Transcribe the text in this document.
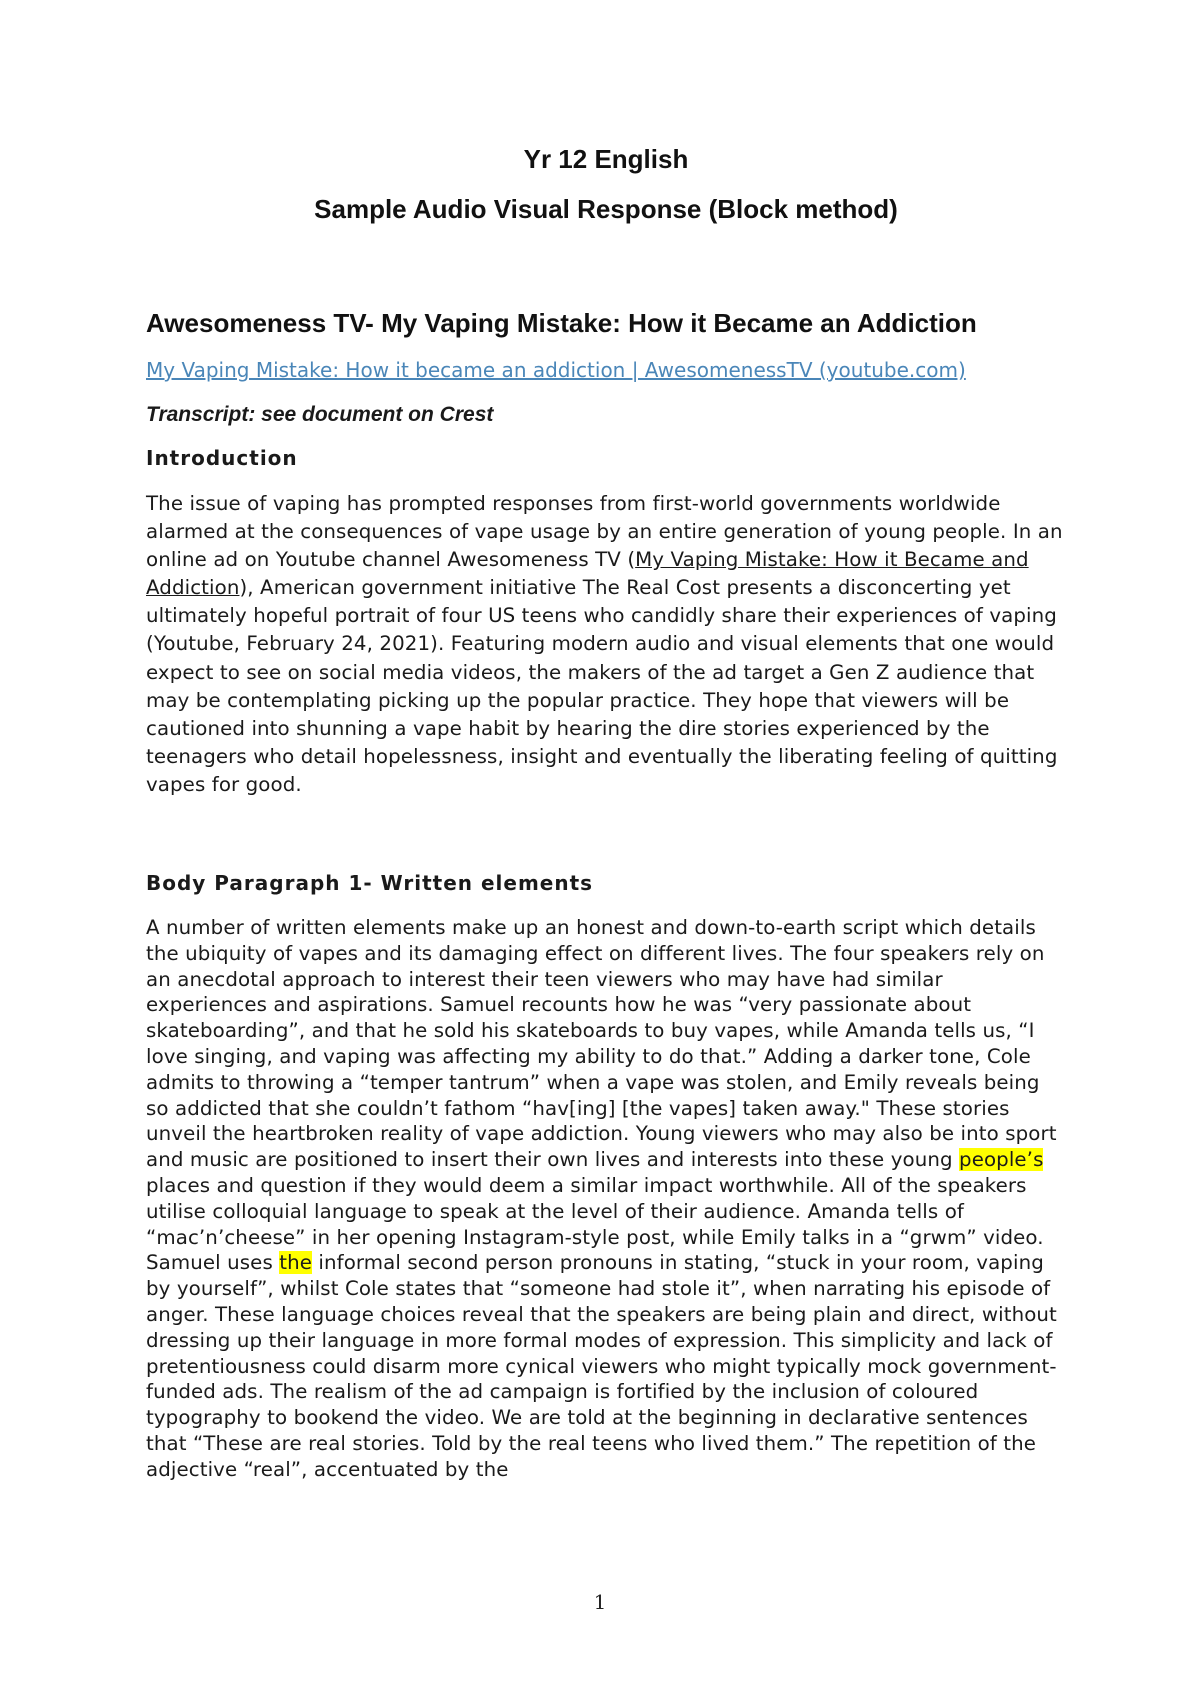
Yr 12 English
Sample Audio Visual Response (Block method)
Awesomeness TV- My Vaping Mistake: How it Became an Addiction
My Vaping Mistake: How it became an addiction | AwesomenessTV (youtube.com)

Transcript: see document on Crest

Introduction

The issue of vaping has prompted responses from first-world governments worldwide alarmed at the consequences of vape usage by an entire generation of young people. In an online ad on Youtube channel Awesomeness TV (My Vaping Mistake: How it Became and Addiction), American government initiative The Real Cost presents a disconcerting yet ultimately hopeful portrait of four US teens who candidly share their experiences of vaping (Youtube, February 24, 2021). Featuring modern audio and visual elements that one would expect to see on social media videos, the makers of the ad target a Gen Z audience that may be contemplating picking up the popular practice. They hope that viewers will be cautioned into shunning a vape habit by hearing the dire stories experienced by the teenagers who detail hopelessness, insight and eventually the liberating feeling of quitting vapes for good.

Body Paragraph 1- Written elements

A number of written elements make up an honest and down-to-earth script which details the ubiquity of vapes and its damaging effect on different lives. The four speakers rely on an anecdotal approach to interest their teen viewers who may have had similar experiences and aspirations. Samuel recounts how he was “very passionate about skateboarding”, and that he sold his skateboards to buy vapes, while Amanda tells us, “I love singing, and vaping was affecting my ability to do that.” Adding a darker tone, Cole admits to throwing a “temper tantrum” when a vape was stolen, and Emily reveals being so addicted that she couldn’t fathom “hav[ing] [the vapes] taken away." These stories unveil the heartbroken reality of vape addiction. Young viewers who may also be into sport and music are positioned to insert their own lives and interests into these young people’s places and question if they would deem a similar impact worthwhile. All of the speakers utilise colloquial language to speak at the level of their audience. Amanda tells of “mac’n’cheese” in her opening Instagram-style post, while Emily talks in a “grwm” video. Samuel uses the informal second person pronouns in stating, “stuck in your room, vaping by yourself”, whilst Cole states that “someone had stole it”, when narrating his episode of anger. These language choices reveal that the speakers are being plain and direct, without dressing up their language in more formal modes of expression. This simplicity and lack of pretentiousness could disarm more cynical viewers who might typically mock government-funded ads. The realism of the ad campaign is fortified by the inclusion of coloured typography to bookend the video. We are told at the beginning in declarative sentences that “These are real stories. Told by the real teens who lived them.” The repetition of the adjective “real”, accentuated by the

1
